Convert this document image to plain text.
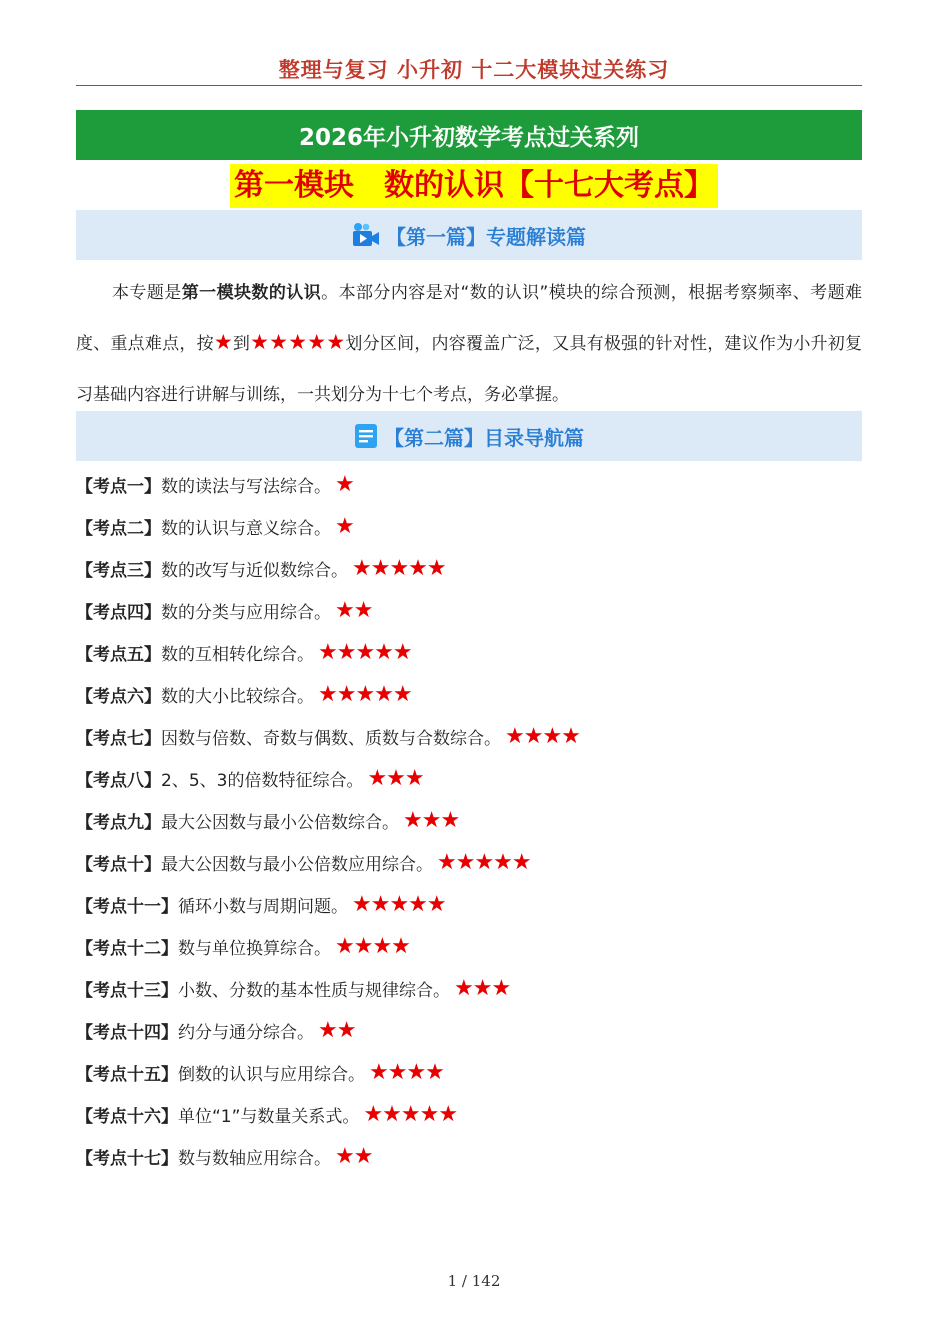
整理与复习 小升初 十二大模块过关练习
2026年小升初数学考点过关系列
第一模块　数的认识【十七大考点】
【第一篇】专题解读篇
本专题是第一模块数的认识。本部分内容是对“数的认识”模块的综合预测，根据考察频率、考题难度、重点难点，按★到★★★★★划分区间，内容覆盖广泛，又具有极强的针对性，建议作为小升初复习基础内容进行讲解与训练，一共划分为十七个考点，务必掌握。
【第二篇】目录导航篇
【考点一】 数的读法与写法综合。 ★
【考点二】 数的认识与意义综合。 ★
【考点三】 数的改写与近似数综合。 ★★★★★
【考点四】 数的分类与应用综合。 ★★
【考点五】 数的互相转化综合。 ★★★★★
【考点六】 数的大小比较综合。 ★★★★★
【考点七】 因数与倍数、奇数与偶数、质数与合数综合。 ★★★★
【考点八】 2、5、3的倍数特征综合。 ★★★
【考点九】 最大公因数与最小公倍数综合。 ★★★
【考点十】 最大公因数与最小公倍数应用综合。 ★★★★★
【考点十一】 循环小数与周期问题。 ★★★★★
【考点十二】 数与单位换算综合。 ★★★★
【考点十三】 小数、分数的基本性质与规律综合。 ★★★
【考点十四】 约分与通分综合。 ★★
【考点十五】 倒数的认识与应用综合。 ★★★★
【考点十六】 单位“1”与数量关系式。 ★★★★★
【考点十七】 数与数轴应用综合。 ★★
1 / 142
